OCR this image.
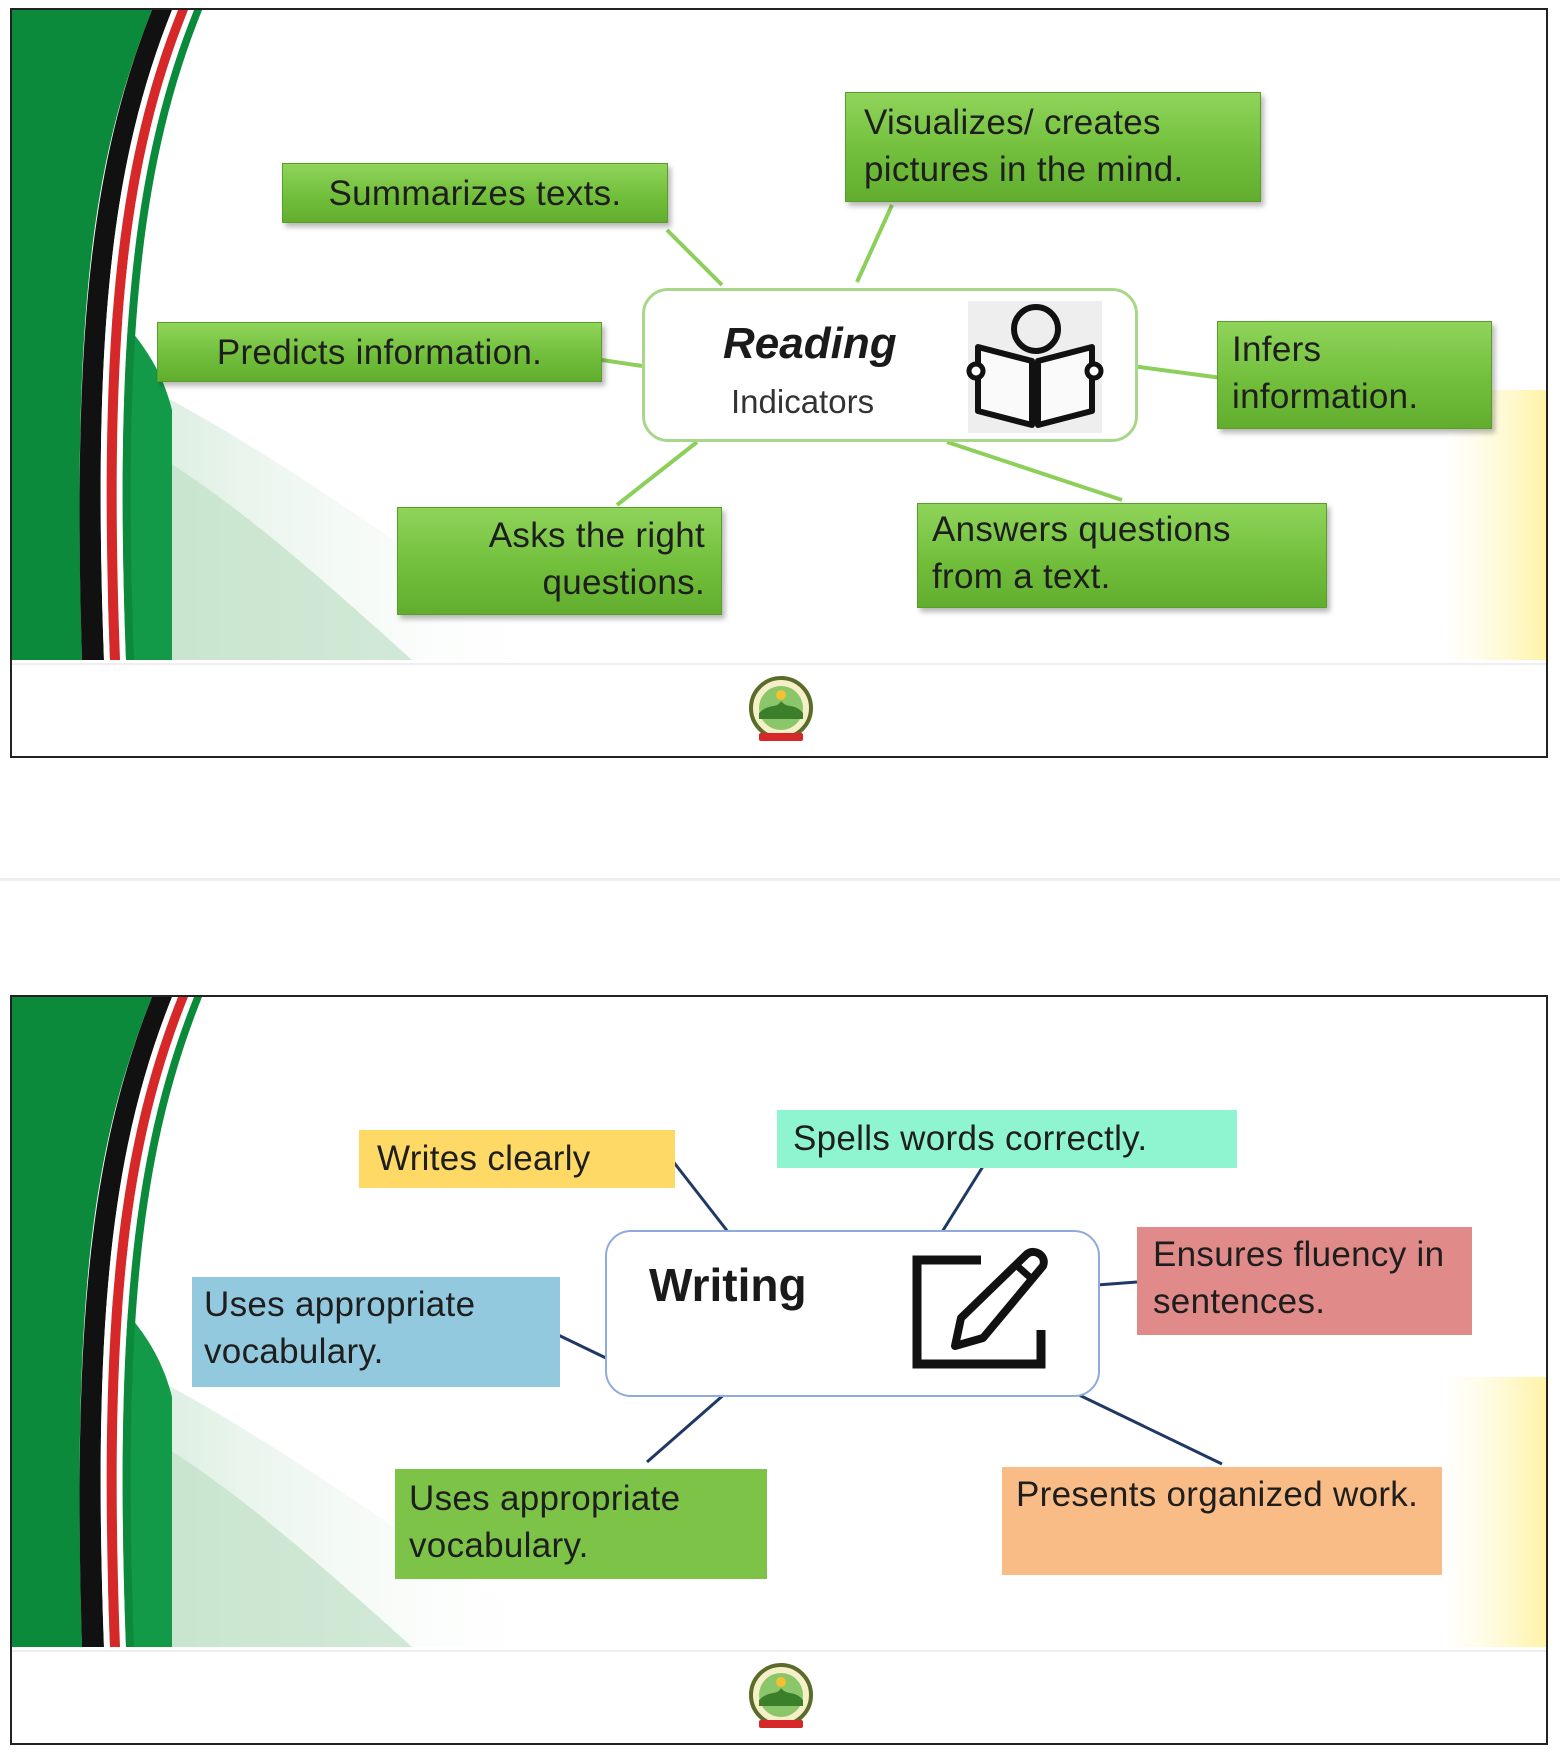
Visualizes/ creates pictures in the mind.
Summarizes texts.
Predicts information.	Infers information.
Asks the right questions.
Answers questions from a text.
Reading
Indicators
Writes clearly
Spells words correctly.
Ensures fluency in sentences.
Uses appropriate vocabulary.
Uses appropriate vocabulary.
Presents organized work.
Writing
